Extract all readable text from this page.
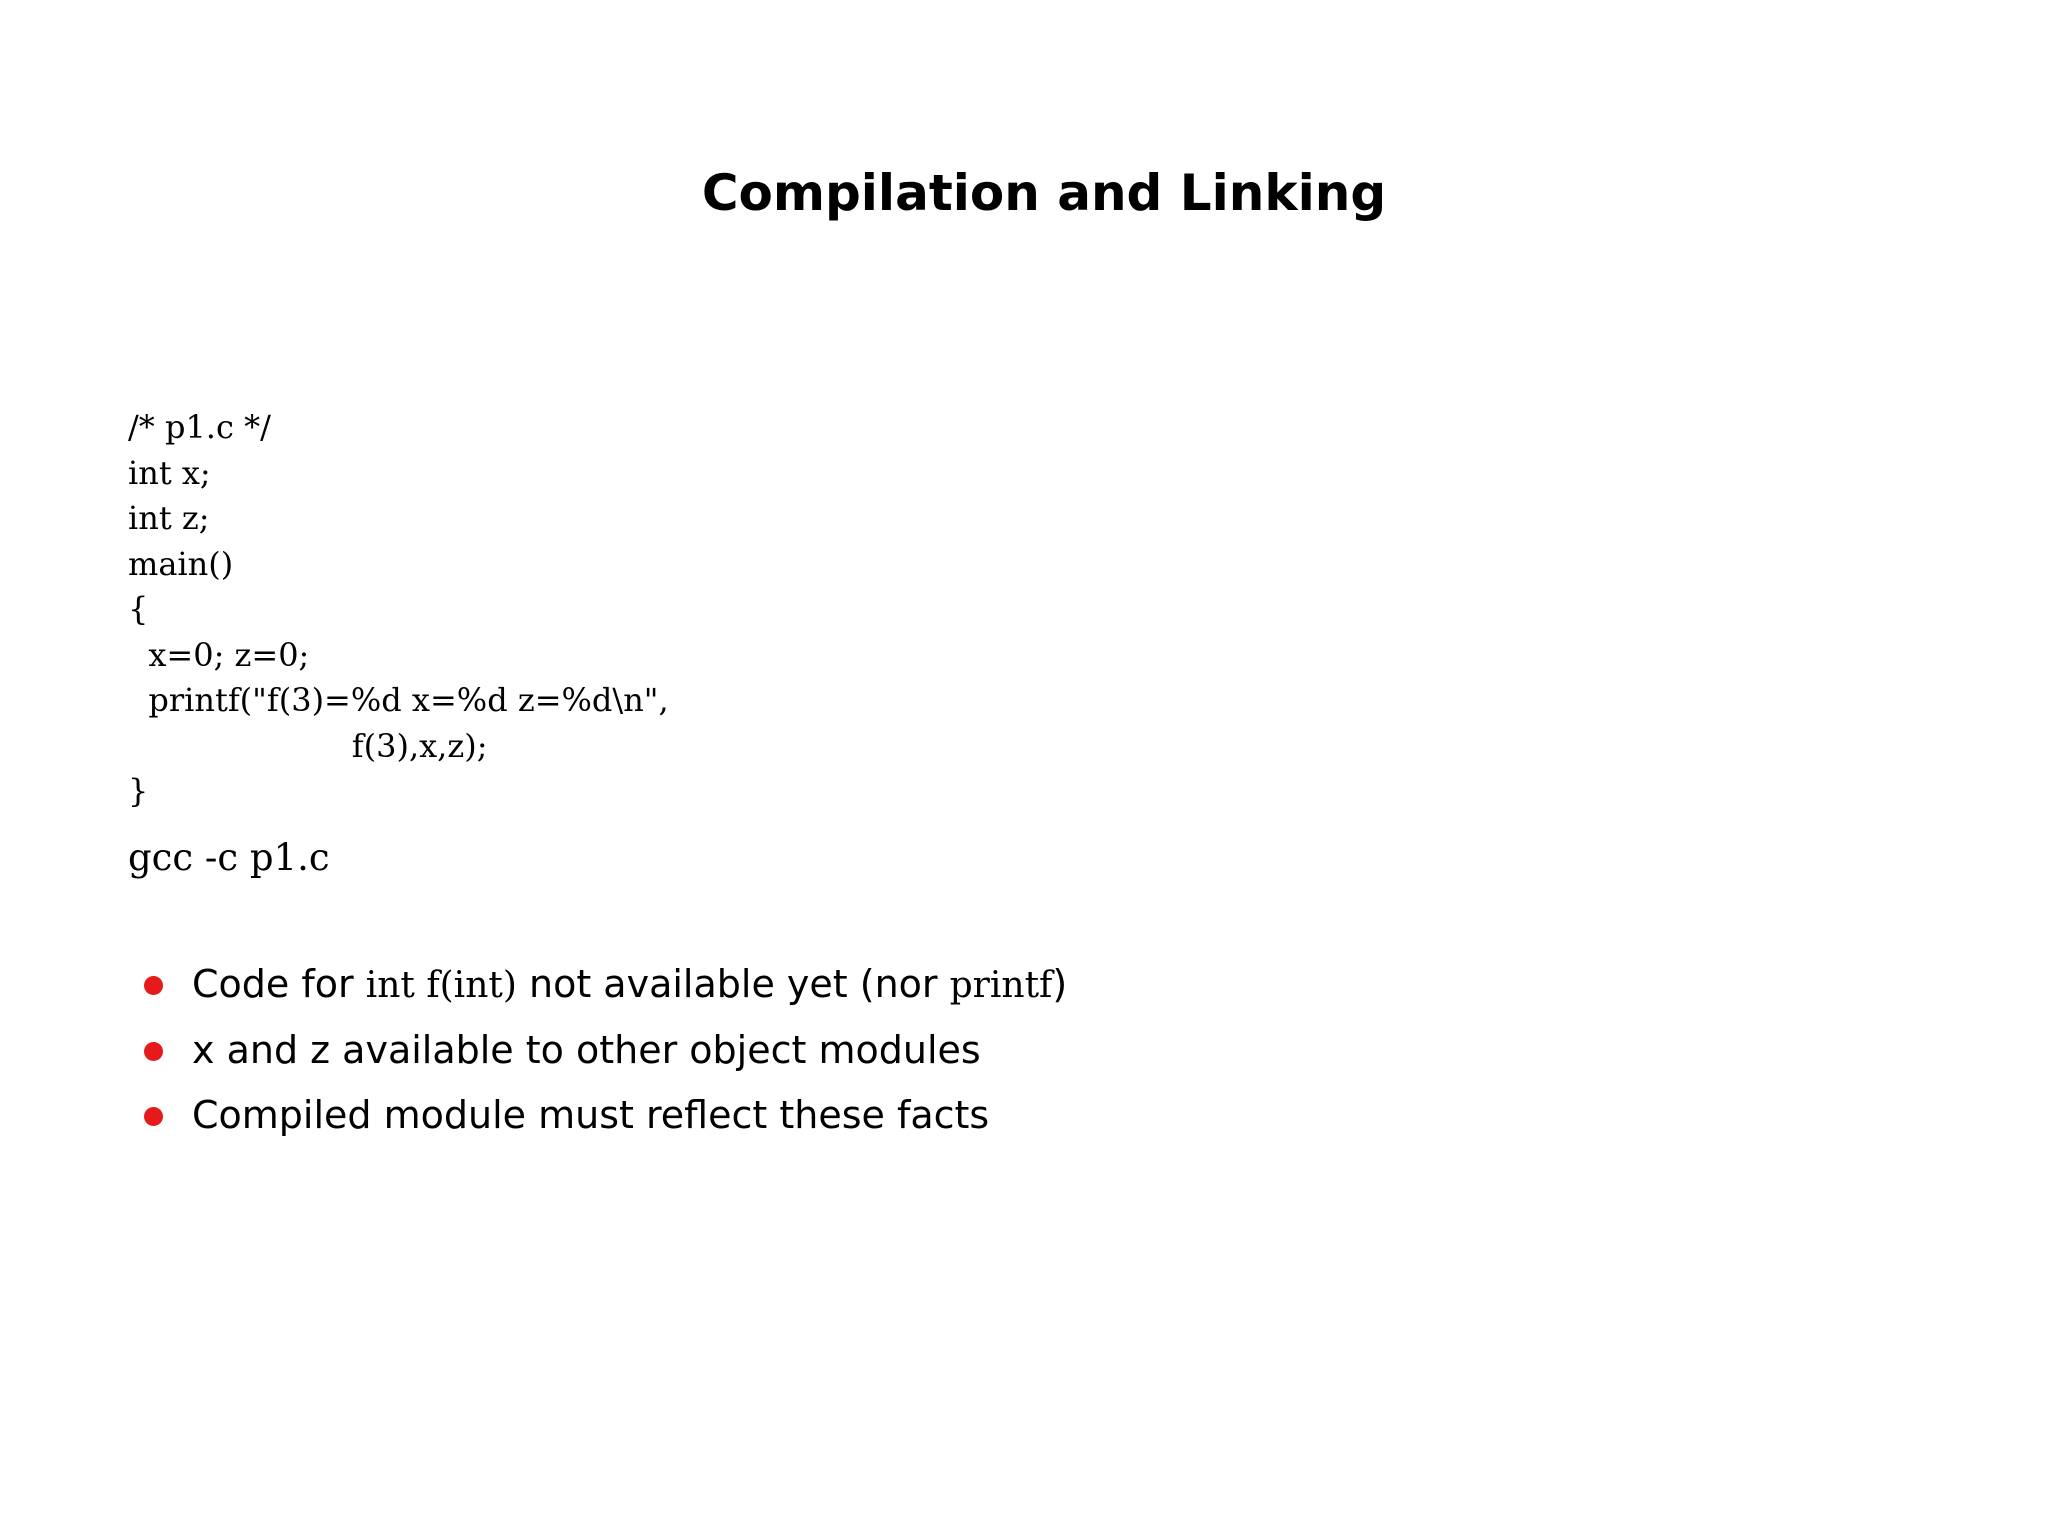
Compilation and Linking
/* p1.c */
int x;
int z;
main()
{
x=0; z=0;
printf("f(3)=%d x=%d z=%d\n",
f(3),x,z);
}
gcc -c p1.c
Code for int f(int) not available yet (nor printf)
x and z available to other object modules
Compiled module must reflect these facts
